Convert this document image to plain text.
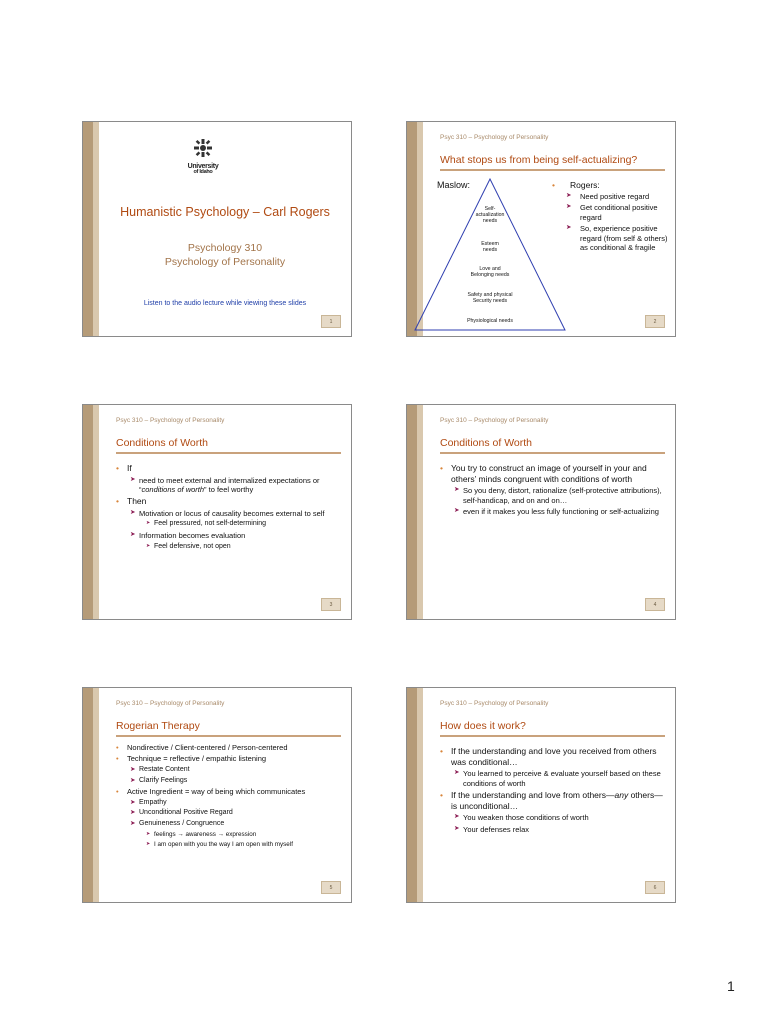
University
of Idaho
Humanistic Psychology – Carl Rogers
Psychology 310
Psychology of Personality
Listen to the audio lecture while viewing these slides
1
Psyc 310 – Psychology of Personality
What stops us from being self-actualizing?
Maslow:
Self-
actualization
needs
Esteem
needs
Love and
Belonging needs
Safety and physical
Security needs
Physiological needs
• Rogers:
➤ Need positive regard
➤ Get conditional positive regard
➤ So, experience positive regard (from self & others) as conditional & fragile
2
Psyc 310 – Psychology of Personality
Conditions of Worth
• If
➤ need to meet external and internalized expectations or “conditions of worth” to feel worthy
• Then
➤ Motivation or locus of causality becomes external to self
➤ Feel pressured, not self-determining
➤ Information becomes evaluation
➤ Feel defensive, not open
3
Psyc 310 – Psychology of Personality
Conditions of Worth
• You try to construct an image of yourself in your and others’ minds congruent with conditions of worth
➤ So you deny, distort, rationalize (self-protective attributions), self-handicap, and on and on…
➤ even if it makes you less fully functioning or self-actualizing
4
Psyc 310 – Psychology of Personality
Rogerian Therapy
• Nondirective / Client-centered / Person-centered
• Technique = reflective / empathic listening
➤ Restate Content
➤ Clarify Feelings
• Active Ingredient = way of being which communicates
➤ Empathy
➤ Unconditional Positive Regard
➤ Genuineness / Congruence
➤ feelings → awareness → expression
➤ I am open with you the way I am open with myself
5
Psyc 310 – Psychology of Personality
How does it work?
• If the understanding and love you received from others was conditional…
➤ You learned to perceive & evaluate yourself based on these conditions of worth
• If the understanding and love from others—any others—is unconditional…
➤ You weaken those conditions of worth
➤ Your defenses relax
6
1
